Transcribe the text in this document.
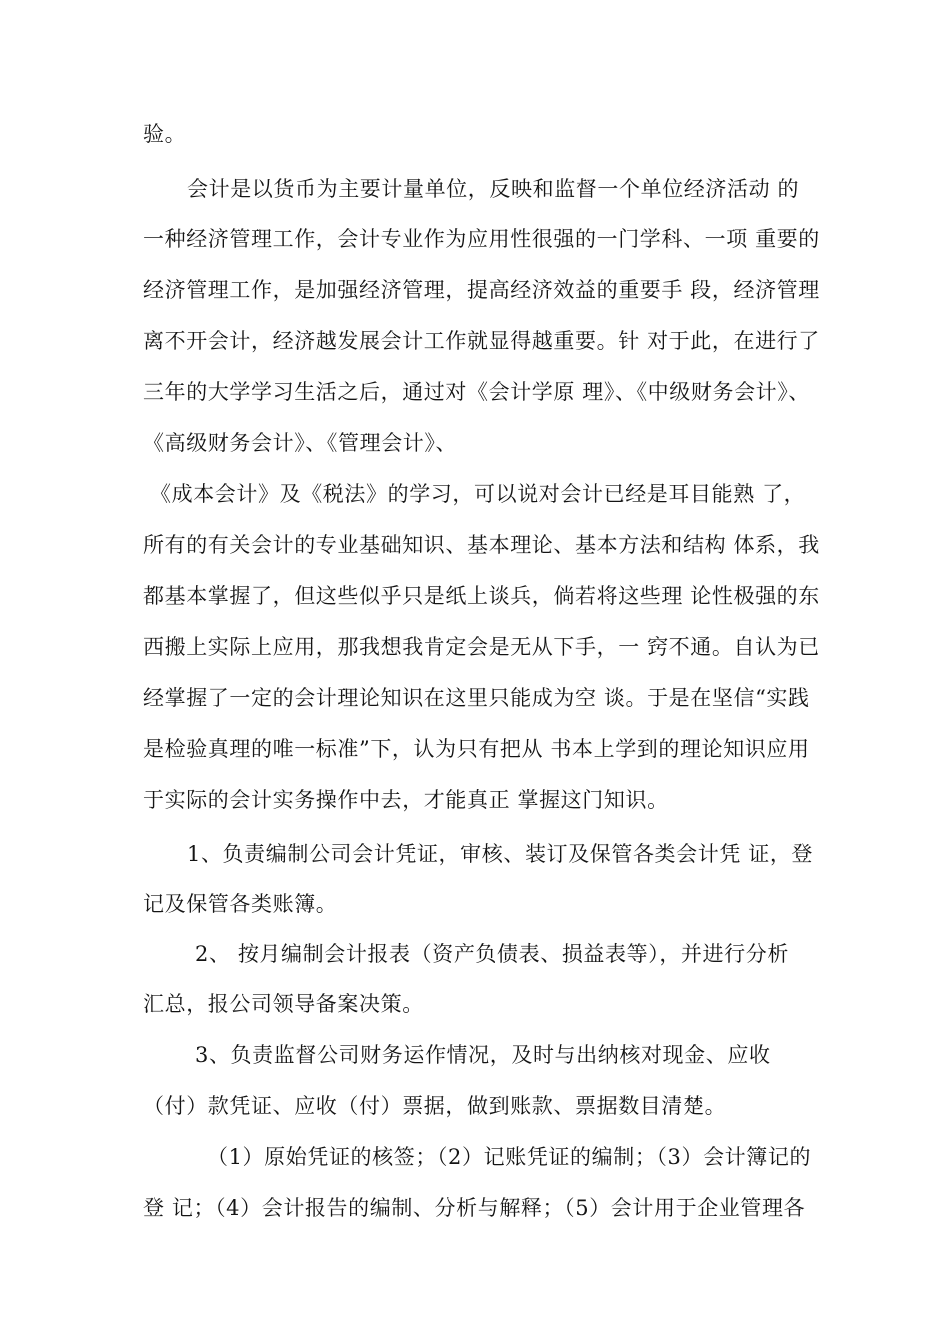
验。
会计是以货币为主要计量单位，反映和监督一个单位经济活动 的
一种经济管理工作，会计专业作为应用性很强的一门学科、一项 重要的
经济管理工作，是加强经济管理，提高经济效益的重要手 段，经济管理
离不开会计，经济越发展会计工作就显得越重要。针 对于此，在进行了
三年的大学学习生活之后，通过对《会计学原 理》、《中级财务会计》、
《高级财务会计》、《管理会计》、
《成本会计》及《税法》的学习，可以说对会计已经是耳目能熟 了，
所有的有关会计的专业基础知识、基本理论、基本方法和结构 体系，我
都基本掌握了，但这些似乎只是纸上谈兵，倘若将这些理 论性极强的东
西搬上实际上应用，那我想我肯定会是无从下手，一 窍不通。自认为已
经掌握了一定的会计理论知识在这里只能成为空 谈。于是在坚信“实践
是检验真理的唯一标准”下，认为只有把从 书本上学到的理论知识应用
于实际的会计实务操作中去，才能真正 掌握这门知识。
1、负责编制公司会计凭证，审核、装订及保管各类会计凭 证，登
记及保管各类账簿。
2、 按月编制会计报表（资产负债表、损益表等），并进行分析
汇总，报公司领导备案决策。
3、负责监督公司财务运作情况，及时与出纳核对现金、应收
（付）款凭证、应收（付）票据，做到账款、票据数目清楚。
（1）原始凭证的核签；（2）记账凭证的编制；（3）会计簿记的
登 记；（4）会计报告的编制、分析与解释；（5）会计用于企业管理各
